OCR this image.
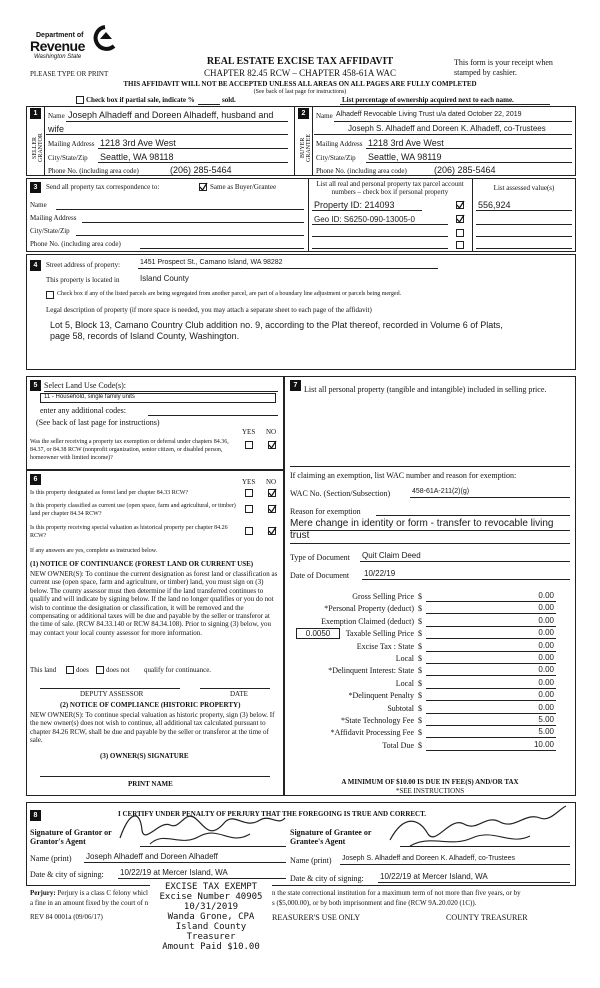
Department of
Revenue
Washington State
PLEASE TYPE OR PRINT
REAL ESTATE EXCISE TAX AFFIDAVIT
CHAPTER 82.45 RCW – CHAPTER 458-61A WAC
THIS AFFIDAVIT WILL NOT BE ACCEPTED UNLESS ALL AREAS ON ALL PAGES ARE FULLY COMPLETED
(See back of last page for instructions)
This form is your receipt when stamped by cashier.
Check box if partial sale, indicate %	sold.	List percentage of ownership acquired next to each name.
1
SELLER GRANTOR
Name Joseph Alhadeff and Doreen Alhadeff, husband and
wife
Mailing Address 1218 3rd Ave West
City/State/Zip Seattle, WA 98118
Phone No. (including area code)	(206) 285-5464
2
BUYER GRANTEE
Name Alhadeff Revocable Living Trust u/a dated October 22, 2019
Joseph S. Alhadeff and Doreen K. Alhadeff, co-Trustees
Mailing Address 1218 3rd Ave West
City/State/Zip Seattle, WA 98119
Phone No. (including area code)	(206) 285-5464
3	Send all property tax correspondence to:	Same as Buyer/Grantee
Name
Mailing Address
City/State/Zip
Phone No. (including area code)
List all real and personal property tax parcel account numbers – check box if personal property	List assessed value(s)
Property ID: 214093	556,924
Geo ID: S6250-090-13005-0
4	Street address of property:	1451 Prospect St., Camano Island, WA 98282
This property is located in	Island County
Check box if any of the listed parcels are being segregated from another parcel, are part of a boundary line adjustment or parcels being merged.
Legal description of property (if more space is needed, you may attach a separate sheet to each page of the affidavit)
Lot 5, Block 13, Camano Country Club addition no. 9, according to the Plat thereof, recorded in Volume 6 of Plats, page 58, records of Island County, Washington.
5 Select Land Use Code(s):
11 - Household, single family units
enter any additional codes:
(See back of last page for instructions)
YES NO
Was the seller receiving a property tax exemption or deferral under chapters 84.36, 84.37, or 84.38 RCW (nonprofit organization, senior citizen, or disabled person, homeowner with limited income)?
6	YES NO
Is this property designated as forest land per chapter 84.33 RCW?
Is this property classified as current use (open space, farm and agricultural, or timber) land per chapter 84.34 RCW?
Is this property receiving special valuation as historical property per chapter 84.26 RCW?
If any answers are yes, complete as instructed below.
(1) NOTICE OF CONTINUANCE (FOREST LAND OR CURRENT USE)
NEW OWNER(S): To continue the current designation as forest land or classification as current use (open space, farm and agriculture, or timber) land, you must sign on (3) below. The county assessor must then determine if the land transferred continues to qualify and will indicate by signing below. If the land no longer qualifies or you do not wish to continue the designation or classification, it will be removed and the compensating or additional taxes will be due and payable by the seller or transferor at the time of sale. (RCW 84.33.140 or RCW 84.34.108). Prior to signing (3) below, you may contact your local county assessor for more information.
This land	does does not qualify for continuance.
DEPUTY ASSESSOR	DATE
(2) NOTICE OF COMPLIANCE (HISTORIC PROPERTY)
NEW OWNER(S): To continue special valuation as historic property, sign (3) below. If the new owner(s) does not wish to continue, all additional tax calculated pursuant to chapter 84.26 RCW, shall be due and payable by the seller or transferor at the time of sale.
(3) OWNER(S) SIGNATURE
PRINT NAME
7 List all personal property (tangible and intangible) included in selling price.
If claiming an exemption, list WAC number and reason for exemption:
WAC No. (Section/Subsection)	458-61A-211(2)(g)
Reason for exemption
Mere change in identity or form - transfer to revocable living trust
Type of Document Quit Claim Deed
Date of Document 10/22/19
Gross Selling Price $	0.00
*Personal Property (deduct) $	0.00
Exemption Claimed (deduct) $	0.00
Taxable Selling Price $	0.00
Excise Tax : State $	0.00
Local $	0.00
*Delinquent Interest: State $	0.00
Local $	0.00
*Delinquent Penalty $	0.00
Subtotal $	0.00
*State Technology Fee $	5.00
*Affidavit Processing Fee $	5.00
Total Due $	10.00
0.0050
A MINIMUM OF $10.00 IS DUE IN FEE(S) AND/OR TAX
*SEE INSTRUCTIONS
8	I CERTIFY UNDER PENALTY OF PERJURY THAT THE FOREGOING IS TRUE AND CORRECT.
Signature of Grantor or Grantor's Agent
Signature of Grantee or Grantee's Agent
Name (print) Joseph Alhadeff and Doreen Alhadeff	Name (print) Joseph S. Alhadeff and Doreen K. Alhadeff, co-Trustees
Date & city of signing: 10/22/19 at Mercer Island, WA
Date & city of signing: 10/22/19 at Mercer Island, WA
Perjury: Perjury is a class C felony whicl
a fine in an amount fixed by the court of n
n the state correctional institution for a maximum term of not more than five years, or by
s ($5,000.00), or by both imprisonment and fine (RCW 9A.20.020 (1C)).
REV 84 0001a (09/06/17)	REASURER'S USE ONLY	COUNTY TREASURER
EXCISE TAX EXEMPT
Excise Number 40905
10/31/2019
Wanda Grone, CPA
Island County Treasurer
Amount Paid $10.00
